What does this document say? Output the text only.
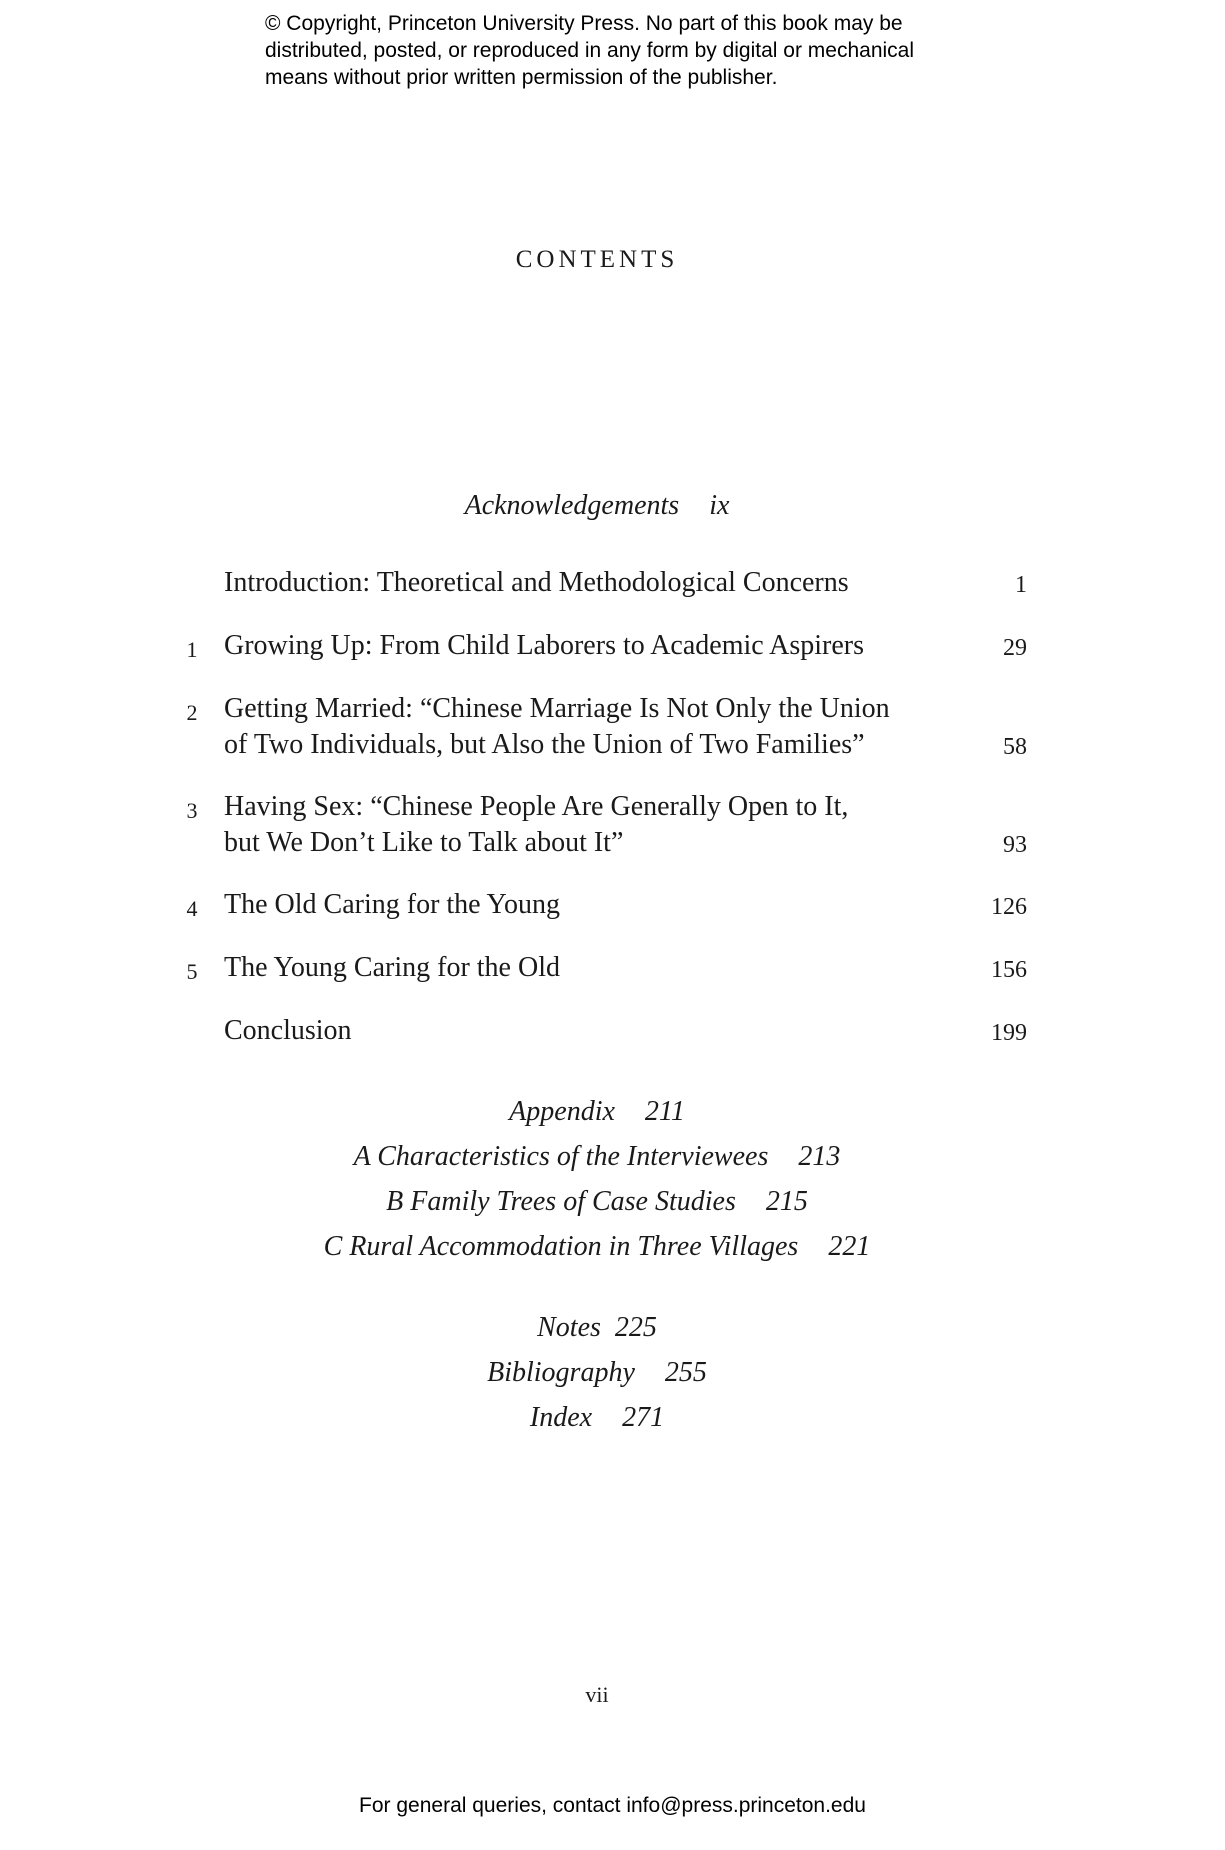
© Copyright, Princeton University Press. No part of this book may be
distributed, posted, or reproduced in any form by digital or mechanical
means without prior written permission of the publisher.
CONTENTS
Acknowledgements ix
Introduction: Theoretical and Methodological Concerns	1
1 Growing Up: From Child Laborers to Academic Aspirers	29
2 Getting Married: “Chinese Marriage Is Not Only the Union
of Two Individuals, but Also the Union of Two Families”	58
3 Having Sex: “Chinese People Are Generally Open to It,
but We Don’t Like to Talk about It”	93
4 The Old Caring for the Young	126
5 The Young Caring for the Old	156
Conclusion	199
Appendix 211
A Characteristics of the Interviewees 213
B Family Trees of Case Studies 215
C Rural Accommodation in Three Villages 221
Notes 225
Bibliography 255
Index 271
vii
For general queries, contact info@press.princeton.edu
